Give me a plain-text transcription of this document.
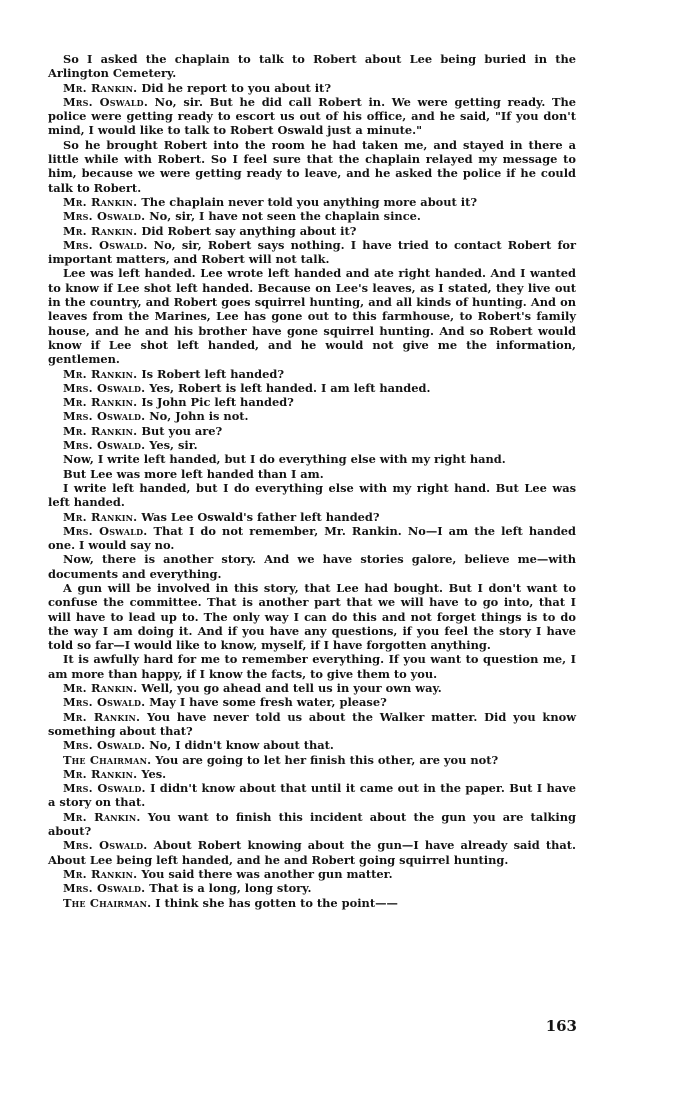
So I asked the chaplain to talk to Robert about Lee being buried in the Arlington Cemetery.

Mr. Rankin. Did he report to you about it?

Mrs. Oswald. No, sir. But he did call Robert in. We were getting ready. The police were getting ready to escort us out of his office, and he said, "If you don't mind, I would like to talk to Robert Oswald just a minute."

So he brought Robert into the room he had taken me, and stayed in there a little while with Robert. So I feel sure that the chaplain relayed my message to him, because we were getting ready to leave, and he asked the police if he could talk to Robert.

Mr. Rankin. The chaplain never told you anything more about it?

Mrs. Oswald. No, sir, I have not seen the chaplain since.

Mr. Rankin. Did Robert say anything about it?

Mrs. Oswald. No, sir, Robert says nothing. I have tried to contact Robert for important matters, and Robert will not talk.

Lee was left handed. Lee wrote left handed and ate right handed. And I wanted to know if Lee shot left handed. Because on Lee's leaves, as I stated, they live out in the country, and Robert goes squirrel hunting, and all kinds of hunting. And on leaves from the Marines, Lee has gone out to this farmhouse, to Robert's family house, and he and his brother have gone squirrel hunting. And so Robert would know if Lee shot left handed, and he would not give me the information, gentlemen.

Mr. Rankin. Is Robert left handed?

Mrs. Oswald. Yes, Robert is left handed. I am left handed.

Mr. Rankin. Is John Pic left handed?

Mrs. Oswald. No, John is not.

Mr. Rankin. But you are?

Mrs. Oswald. Yes, sir.

Now, I write left handed, but I do everything else with my right hand.

But Lee was more left handed than I am.

I write left handed, but I do everything else with my right hand. But Lee was left handed.

Mr. Rankin. Was Lee Oswald's father left handed?

Mrs. Oswald. That I do not remember, Mr. Rankin. No—I am the left handed one. I would say no.

Now, there is another story. And we have stories galore, believe me—with documents and everything.

A gun will be involved in this story, that Lee had bought. But I don't want to confuse the committee. That is another part that we will have to go into, that I will have to lead up to. The only way I can do this and not forget things is to do the way I am doing it. And if you have any questions, if you feel the story I have told so far—I would like to know, myself, if I have forgotten anything.

It is awfully hard for me to remember everything. If you want to question me, I am more than happy, if I know the facts, to give them to you.

Mr. Rankin. Well, you go ahead and tell us in your own way.

Mrs. Oswald. May I have some fresh water, please?

Mr. Rankin. You have never told us about the Walker matter. Did you know something about that?

Mrs. Oswald. No, I didn't know about that.

The Chairman. You are going to let her finish this other, are you not?

Mr. Rankin. Yes.

Mrs. Oswald. I didn't know about that until it came out in the paper. But I have a story on that.

Mr. Rankin. You want to finish this incident about the gun you are talking about?

Mrs. Oswald. About Robert knowing about the gun—I have already said that. About Lee being left handed, and he and Robert going squirrel hunting.

Mr. Rankin. You said there was another gun matter.

Mrs. Oswald. That is a long, long story.

The Chairman. I think she has gotten to the point——

163
